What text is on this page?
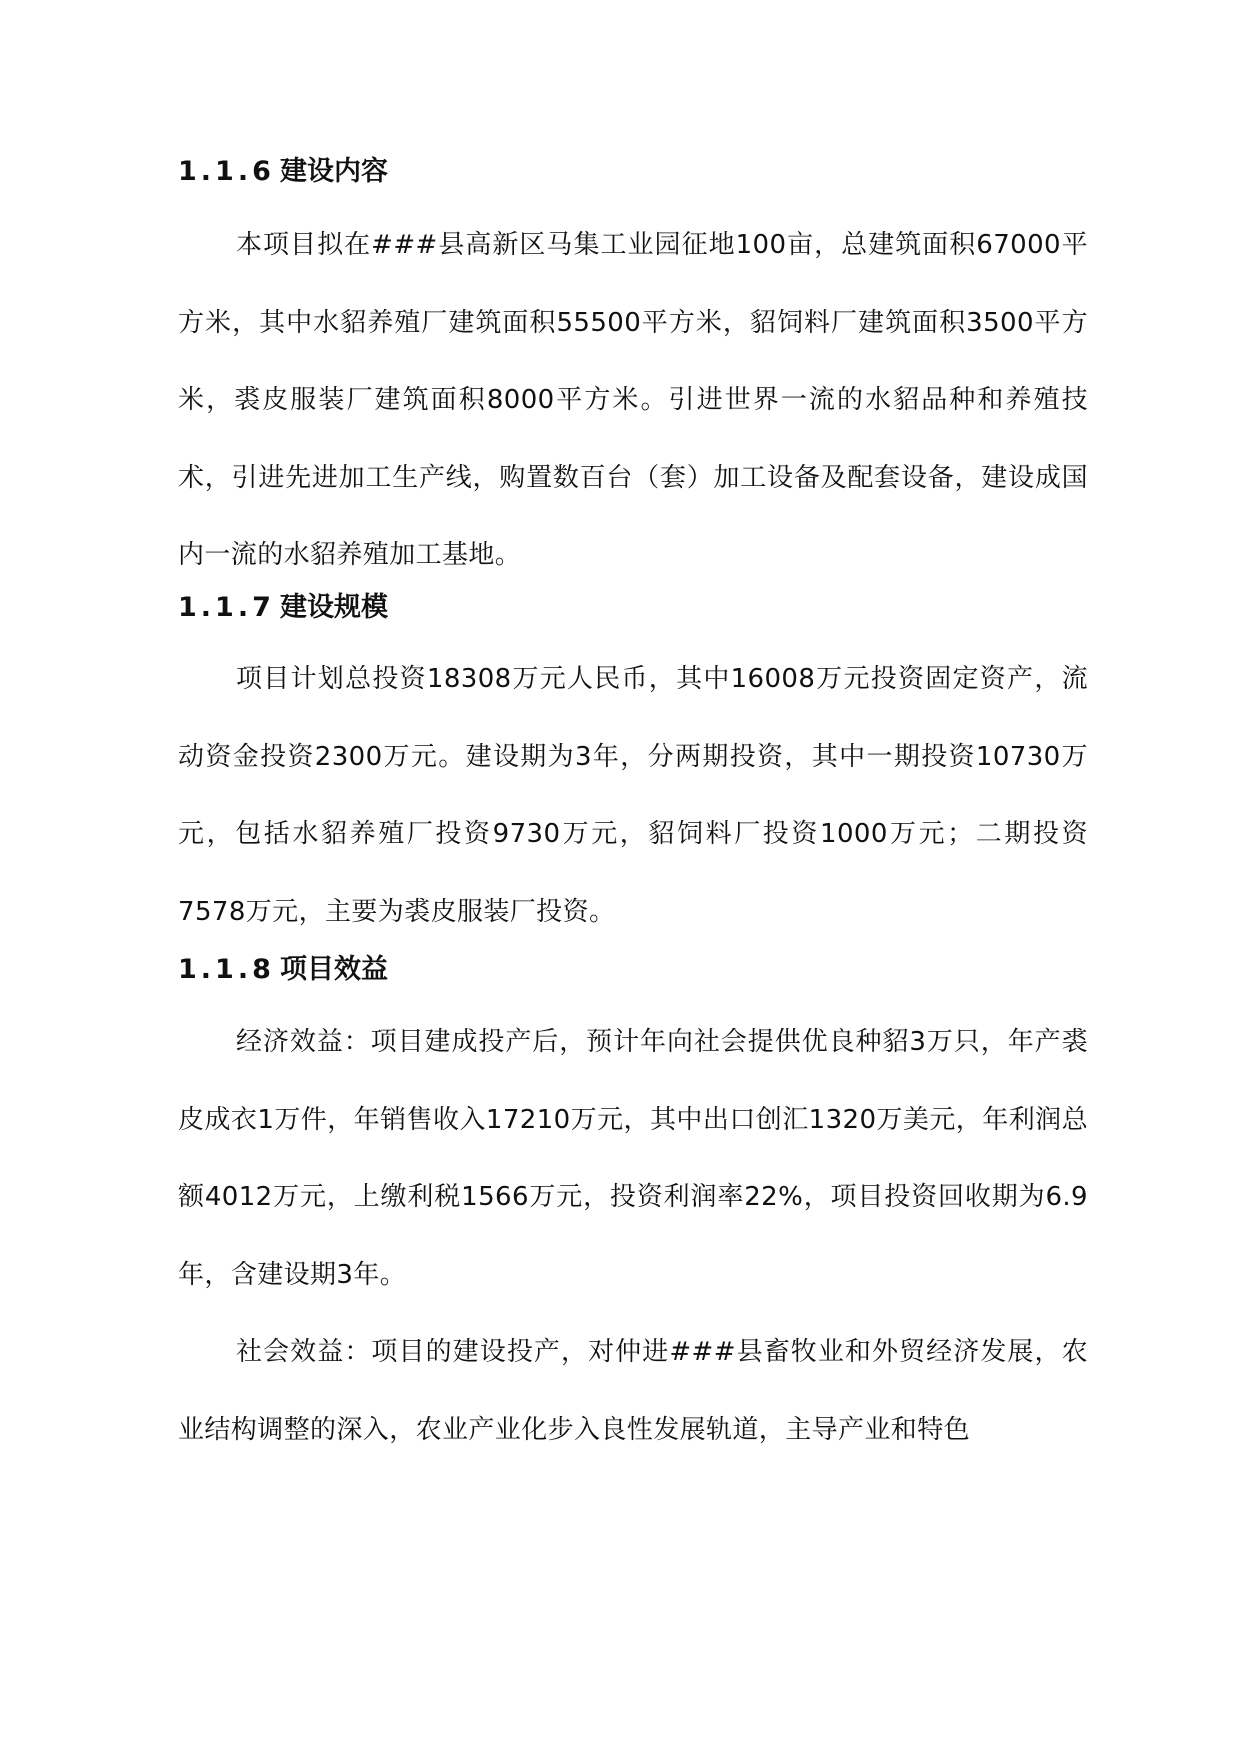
1.1.6 建设内容
本项目拟在###县高新区马集工业园征地100亩，总建筑面积67000平方米，其中水貂养殖厂建筑面积55500平方米，貂饲料厂建筑面积3500平方米，裘皮服装厂建筑面积8000平方米。引进世界一流的水貂品种和养殖技术，引进先进加工生产线，购置数百台（套）加工设备及配套设备，建设成国内一流的水貂养殖加工基地。
1.1.7 建设规模
项目计划总投资18308万元人民币，其中16008万元投资固定资产，流动资金投资2300万元。建设期为3年，分两期投资，其中一期投资10730万元，包括水貂养殖厂投资9730万元，貂饲料厂投资1000万元；二期投资7578万元，主要为裘皮服装厂投资。
1.1.8 项目效益
经济效益：项目建成投产后，预计年向社会提供优良种貂3万只，年产裘皮成衣1万件，年销售收入17210万元，其中出口创汇1320万美元，年利润总额4012万元，上缴利税1566万元，投资利润率22%，项目投资回收期为6.9年，含建设期3年。
社会效益：项目的建设投产，对仲进###县畜牧业和外贸经济发展，农业结构调整的深入，农业产业化步入良性发展轨道，主导产业和特色
